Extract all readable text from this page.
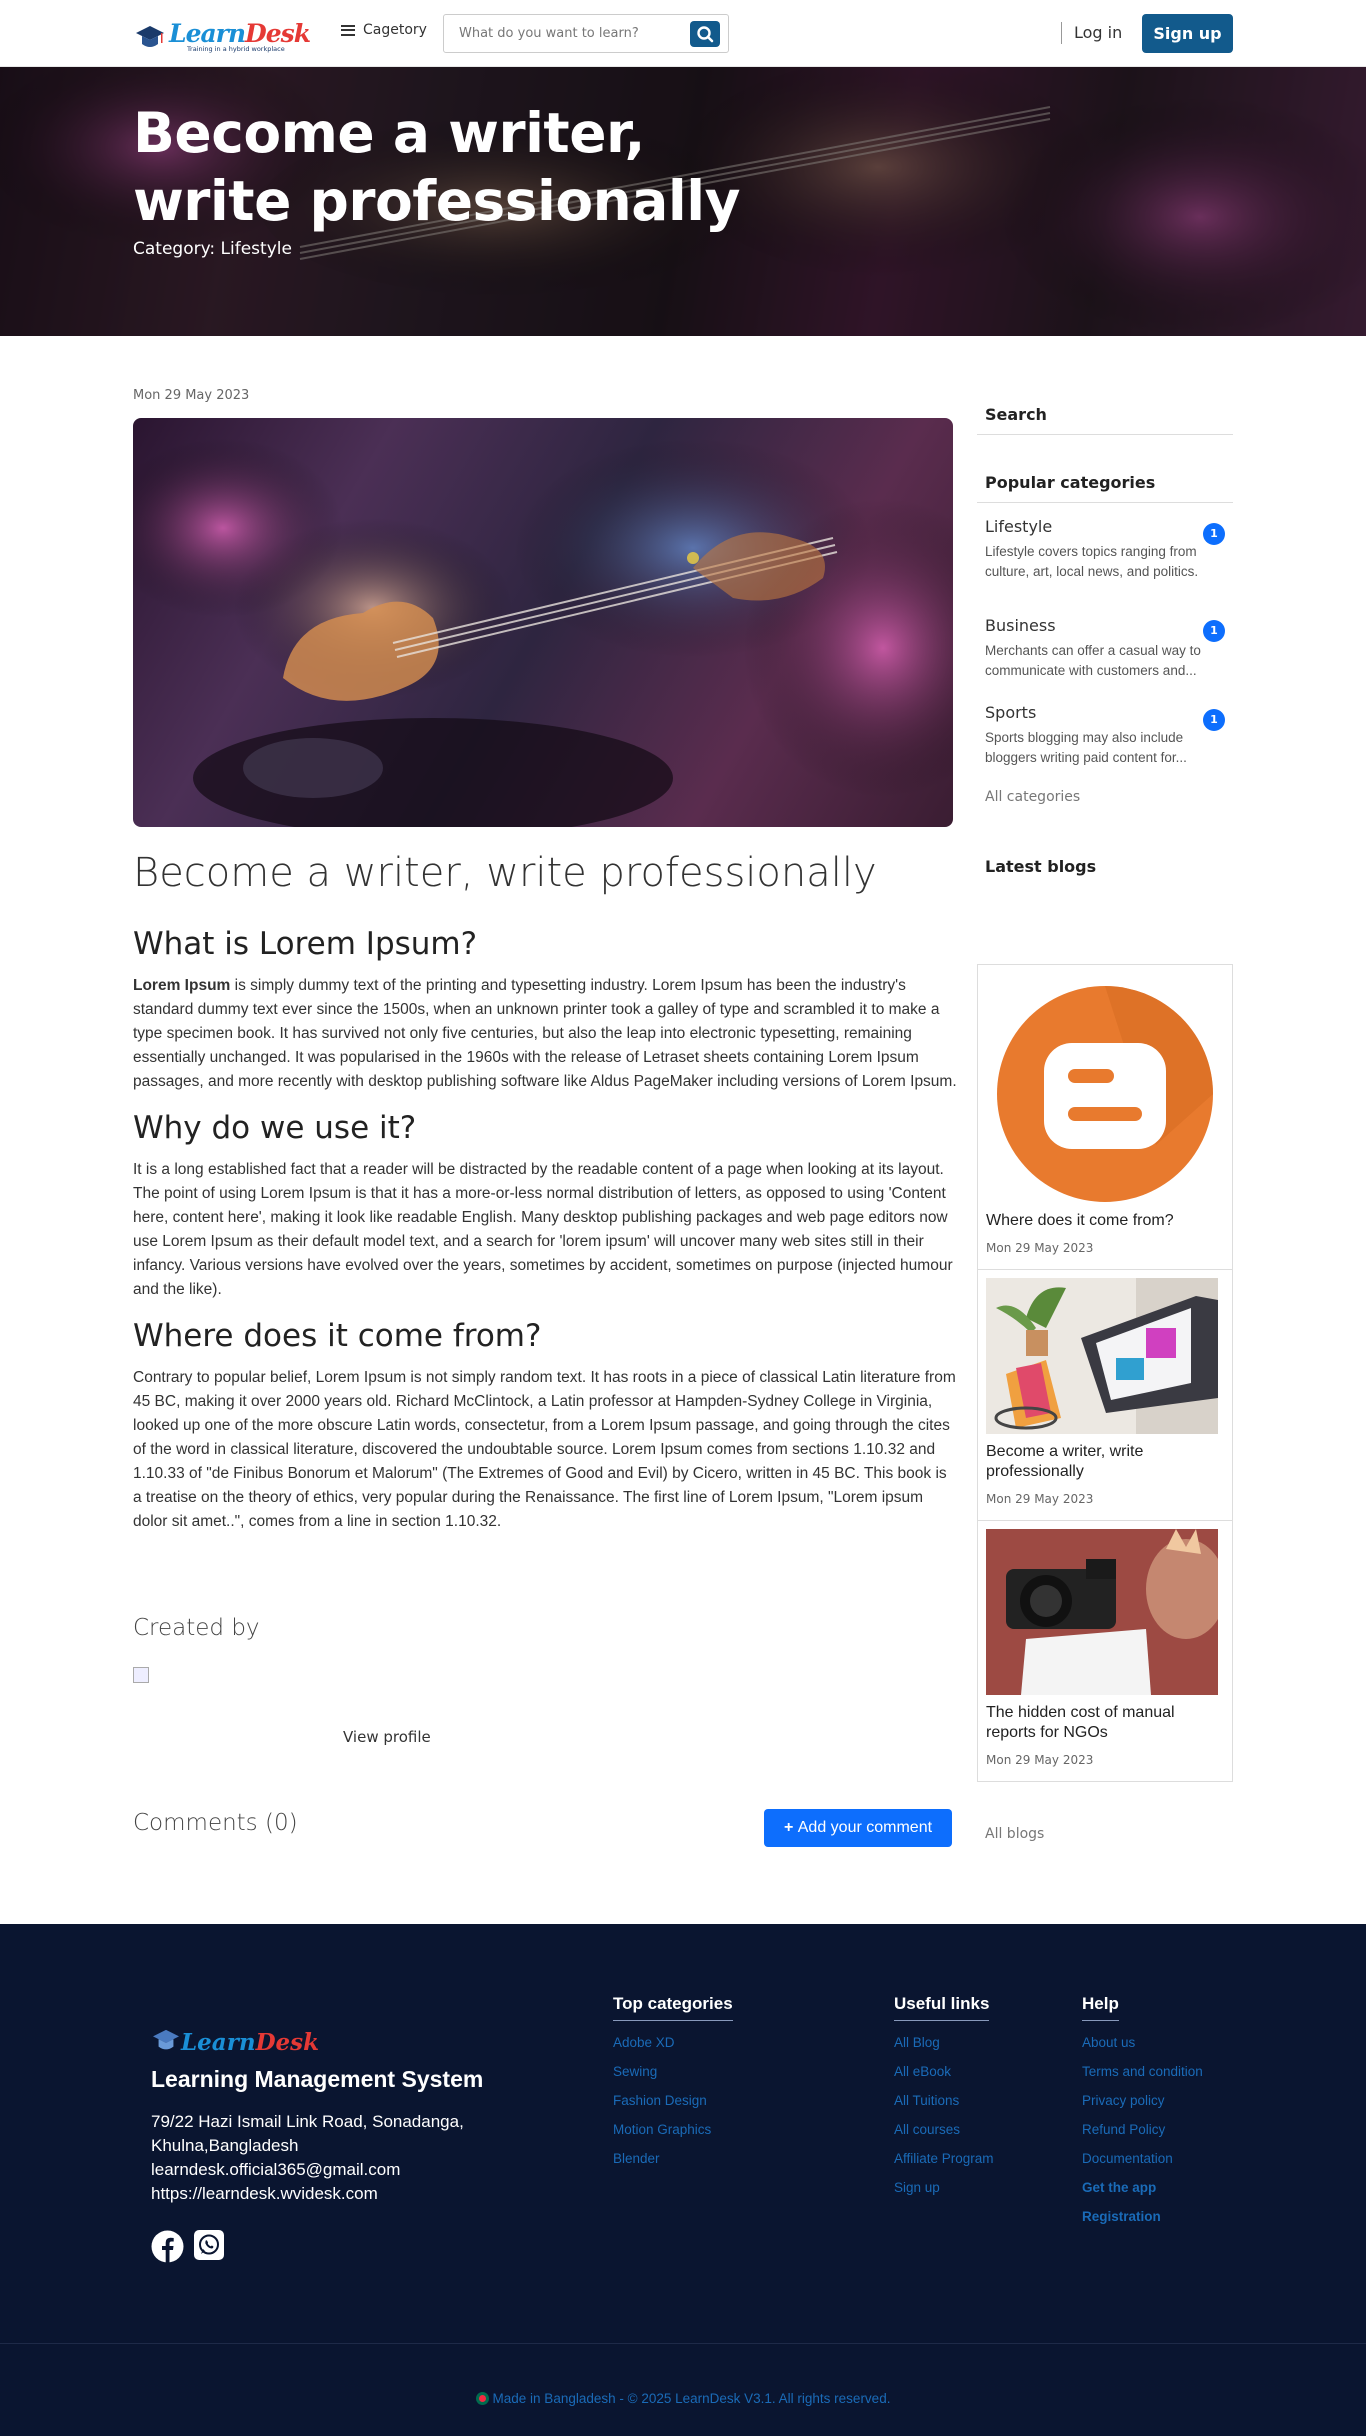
LearnDesk
Training in a hybrid workplace
Cagetory What do you want to learn?	Log in	Sign up
Become a writer,
write professionally
Category: Lifestyle
Mon 29 May 2023
Become a writer, write professionally
What is Lorem Ipsum?

Lorem Ipsum is simply dummy text of the printing and typesetting industry. Lorem Ipsum has been the industry's standard dummy text ever since the 1500s, when an unknown printer took a galley of type and scrambled it to make a type specimen book. It has survived not only five centuries, but also the leap into electronic typesetting, remaining essentially unchanged. It was popularised in the 1960s with the release of Letraset sheets containing Lorem Ipsum passages, and more recently with desktop publishing software like Aldus PageMaker including versions of Lorem Ipsum.

Why do we use it?

It is a long established fact that a reader will be distracted by the readable content of a page when looking at its layout. The point of using Lorem Ipsum is that it has a more-or-less normal distribution of letters, as opposed to using 'Content here, content here', making it look like readable English. Many desktop publishing packages and web page editors now use Lorem Ipsum as their default model text, and a search for 'lorem ipsum' will uncover many web sites still in their infancy. Various versions have evolved over the years, sometimes by accident, sometimes on purpose (injected humour and the like).

Where does it come from?

Contrary to popular belief, Lorem Ipsum is not simply random text. It has roots in a piece of classical Latin literature from 45 BC, making it over 2000 years old. Richard McClintock, a Latin professor at Hampden-Sydney College in Virginia, looked up one of the more obscure Latin words, consectetur, from a Lorem Ipsum passage, and going through the cites of the word in classical literature, discovered the undoubtable source. Lorem Ipsum comes from sections 1.10.32 and 1.10.33 of "de Finibus Bonorum et Malorum" (The Extremes of Good and Evil) by Cicero, written in 45 BC. This book is a treatise on the theory of ethics, very popular during the Renaissance. The first line of Lorem Ipsum, "Lorem ipsum dolor sit amet..", comes from a line in section 1.10.32.

Created by
View profile
Comments (0)	+ Add your comment
Search
Popular categories
Lifestyle	1
Lifestyle covers topics ranging from culture, art, local news, and politics.
Business	1
Merchants can offer a casual way to communicate with customers and...
Sports	1
Sports blogging may also include bloggers writing paid content for...
All categories
Latest blogs
Where does it come from?
Mon 29 May 2023
Become a writer, write professionally
Mon 29 May 2023
The hidden cost of manual reports for NGOs
Mon 29 May 2023
All blogs
LearnDesk
Learning Management System
79/22 Hazi Ismail Link Road, Sonadanga,
Khulna,Bangladesh
learndesk.official365@gmail.com
https://learndesk.wvidesk.com
Top categories
Adobe XD
Sewing
Fashion Design
Motion Graphics
Blender
Useful links
All Blog
All eBook
All Tuitions
All courses
Affiliate Program
Sign up
Help
About us
Terms and condition
Privacy policy
Refund Policy
Documentation
Get the app
Registration
Made in Bangladesh - © 2025 LearnDesk V3.1. All rights reserved.
